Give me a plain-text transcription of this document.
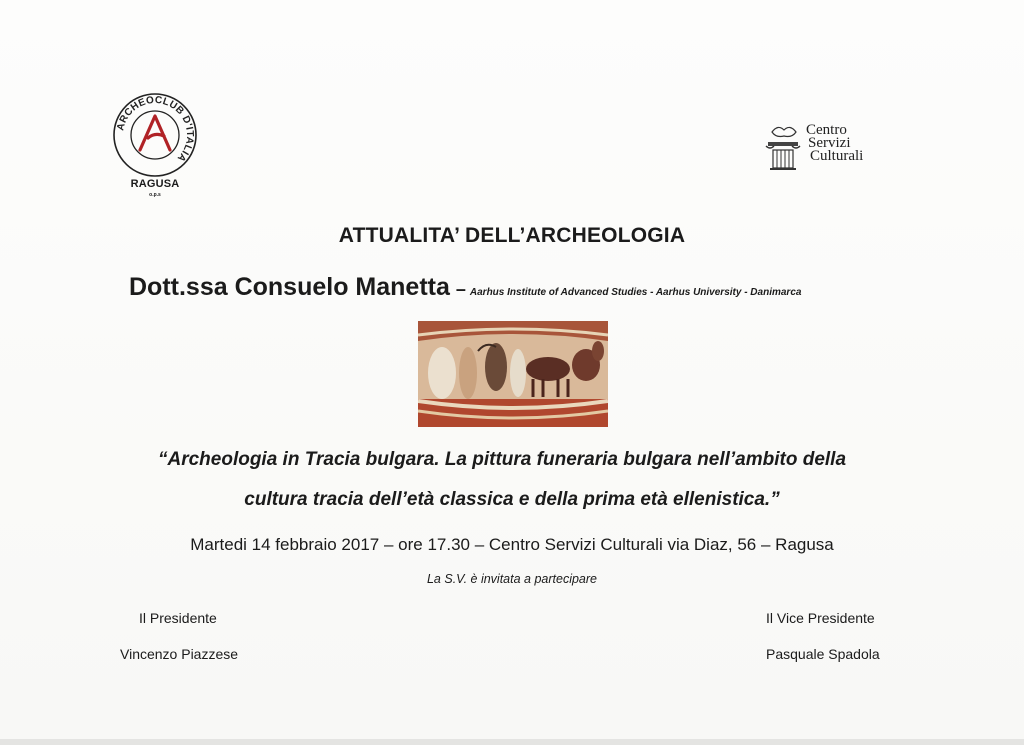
ARCHEOCLUB D'ITALIA
RAGUSA
o.p.s
Centro
Servizi
Culturali
ATTUALITA’ DELL’ARCHEOLOGIA
Dott.ssa Consuelo Manetta – Aarhus Institute of Advanced Studies - Aarhus University - Danimarca
“Archeologia in Tracia bulgara. La pittura funeraria bulgara nell’ambito della
cultura tracia dell’età classica e della prima età ellenistica.”
Martedi 14 febbraio 2017 – ore 17.30 – Centro Servizi Culturali via Diaz, 56 – Ragusa
La S.V. è invitata a partecipare
Il Presidente
Vincenzo Piazzese
Il Vice Presidente
Pasquale Spadola
